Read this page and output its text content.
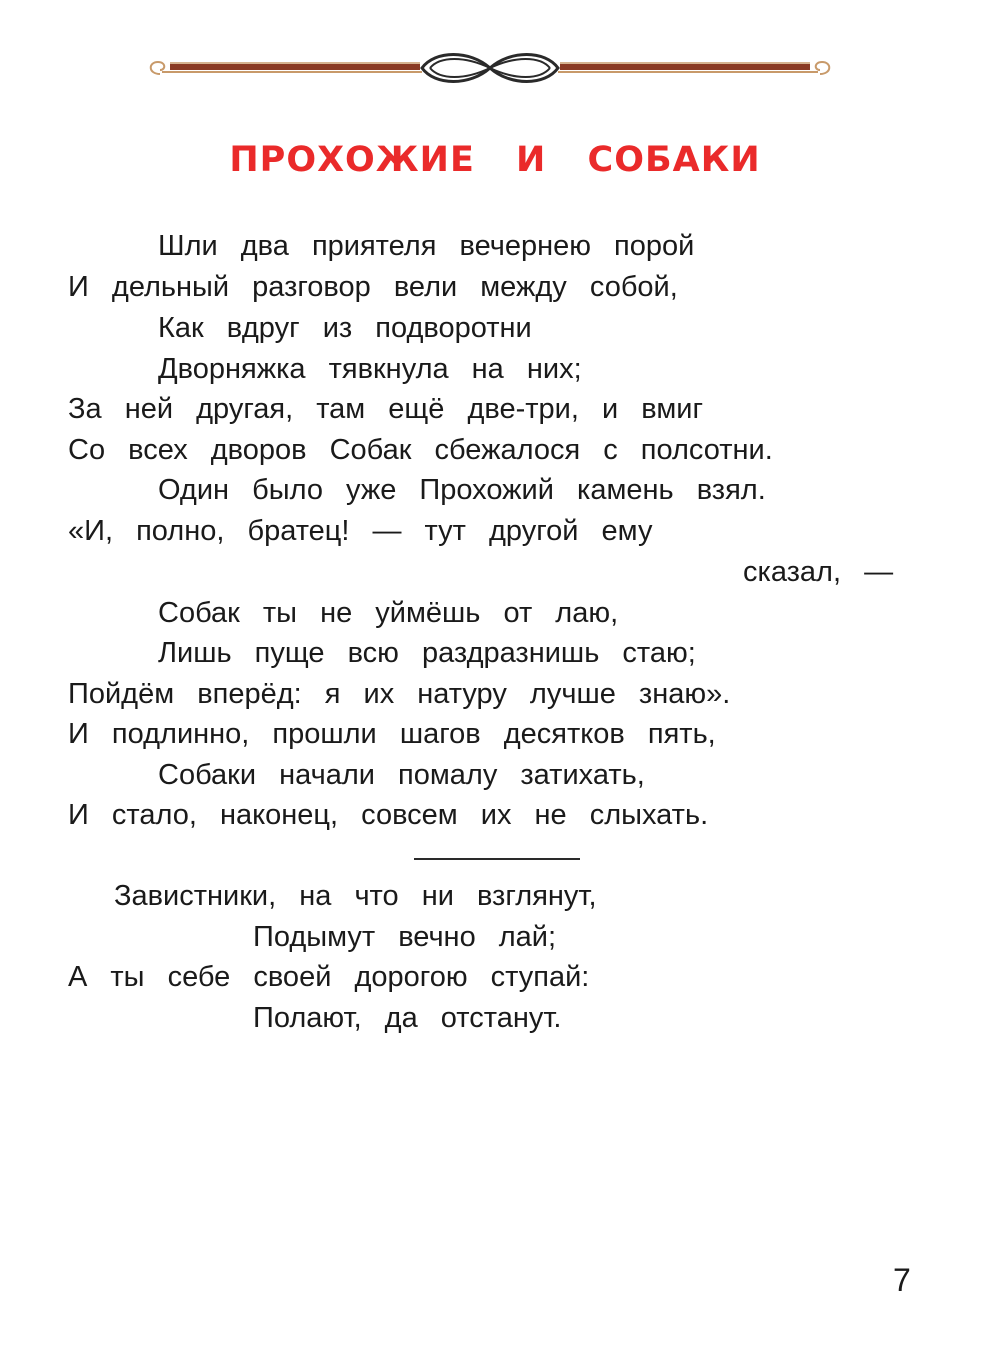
ПРОХОЖИЕ И СОБАКИ
Шли два приятеля вечернею порой
И дельный разговор вели между собой,
Как вдруг из подворотни
Дворняжка тявкнула на них;
За ней другая, там ещё две-три, и вмиг
Со всех дворов Собак сбежалося с полсотни.
Один было уже Прохожий камень взял.
«И, полно, братец! — тут другой ему
сказал, —
Собак ты не уймёшь от лаю,
Лишь пуще всю раздразнишь стаю;
Пойдём вперёд: я их натуру лучше знаю».
И подлинно, прошли шагов десятков пять,
Собаки начали помалу затихать,
И стало, наконец, совсем их не слыхать.
Завистники, на что ни взглянут,
Подымут вечно лай;
А ты себе своей дорогою ступай:
Полают, да отстанут.
7
